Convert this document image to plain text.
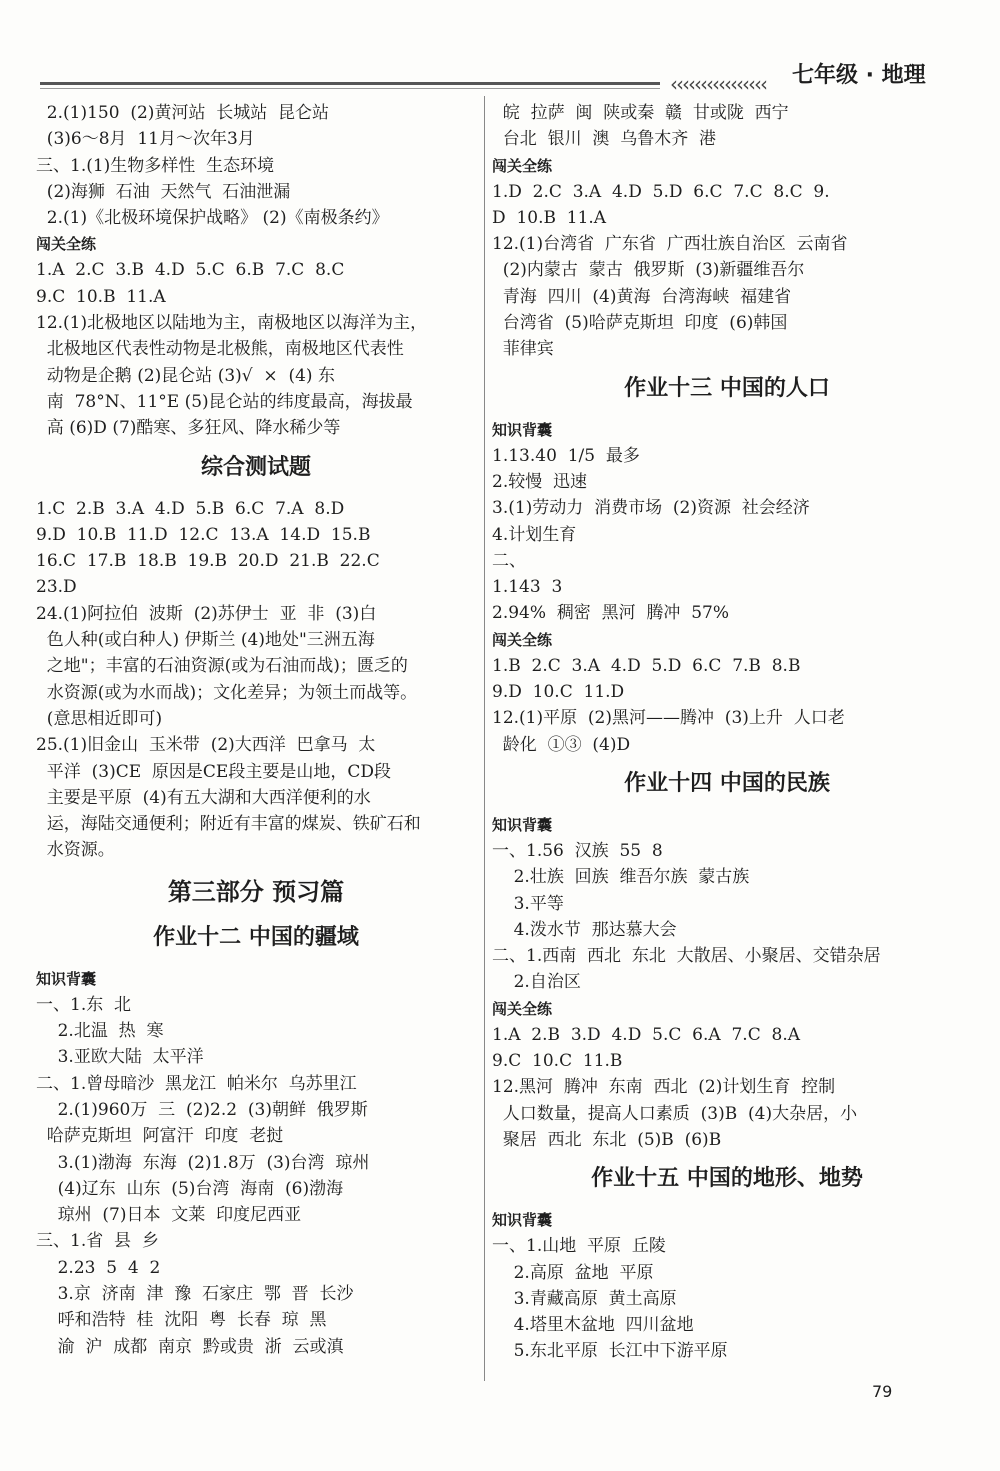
‹‹‹‹‹‹‹‹‹‹‹‹‹‹‹‹ 七年级 · 地理
2.(1)150  (2)黄河站  长城站  昆仑站
(3)6～8月  11月～次年3月
三、1.(1)生物多样性  生态环境
(2)海狮  石油  天然气  石油泄漏
2.(1)《北极环境保护战略》 (2)《南极条约》
闯关全练
1.A  2.C  3.B  4.D  5.C  6.B  7.C  8.C
9.C  10.B  11.A
12.(1)北极地区以陆地为主，南极地区以海洋为主，
北极地区代表性动物是北极熊，南极地区代表性
动物是企鹅 (2)昆仑站 (3)√  ×  (4) 东
南  78°N、11°E (5)昆仑站的纬度最高，海拔最
高 (6)D (7)酷寒、多狂风、降水稀少等
综合测试题
1.C  2.B  3.A  4.D  5.B  6.C  7.A  8.D
9.D  10.B  11.D  12.C  13.A  14.D  15.B
16.C  17.B  18.B  19.B  20.D  21.B  22.C
23.D
24.(1)阿拉伯  波斯  (2)苏伊士  亚  非  (3)白
色人种(或白种人) 伊斯兰 (4)地处"三洲五海
之地"；丰富的石油资源(或为石油而战)；匮乏的
水资源(或为水而战)；文化差异；为领土而战等。
(意思相近即可)
25.(1)旧金山  玉米带  (2)大西洋  巴拿马  太
平洋  (3)CE  原因是CE段主要是山地，CD段
主要是平原  (4)有五大湖和大西洋便利的水
运，海陆交通便利；附近有丰富的煤炭、铁矿石和
水资源。
第三部分 预习篇
作业十二 中国的疆域
知识背囊
一、1.东  北
2.北温  热  寒
3.亚欧大陆  太平洋
二、1.曾母暗沙  黑龙江  帕米尔  乌苏里江
2.(1)960万  三  (2)2.2  (3)朝鲜  俄罗斯
哈萨克斯坦  阿富汗  印度  老挝
3.(1)渤海  东海  (2)1.8万  (3)台湾  琼州
(4)辽东  山东  (5)台湾  海南  (6)渤海
琼州  (7)日本  文莱  印度尼西亚
三、1.省  县  乡
2.23  5  4  2
3.京  济南  津  豫  石家庄  鄂  晋  长沙
呼和浩特  桂  沈阳  粤  长春  琼  黑
渝  沪  成都  南京  黔或贵  浙  云或滇
皖  拉萨  闽  陕或秦  赣  甘或陇  西宁
台北  银川  澳  乌鲁木齐  港
闯关全练
1.D  2.C  3.A  4.D  5.D  6.C  7.C  8.C  9.
D  10.B  11.A
12.(1)台湾省  广东省  广西壮族自治区  云南省
(2)内蒙古  蒙古  俄罗斯  (3)新疆维吾尔
青海  四川  (4)黄海  台湾海峡  福建省
台湾省  (5)哈萨克斯坦  印度  (6)韩国
菲律宾
作业十三 中国的人口
知识背囊
1.13.40  1/5  最多
2.较慢  迅速
3.(1)劳动力  消费市场  (2)资源  社会经济
4.计划生育
二、
1.143  3
2.94%  稠密  黑河  腾冲  57%
闯关全练
1.B  2.C  3.A  4.D  5.D  6.C  7.B  8.B
9.D  10.C  11.D
12.(1)平原  (2)黑河——腾冲  (3)上升  人口老
龄化  ①③  (4)D
作业十四 中国的民族
知识背囊
一、1.56  汉族  55  8
2.壮族  回族  维吾尔族  蒙古族
3.平等
4.泼水节  那达慕大会
二、1.西南  西北  东北  大散居、小聚居、交错杂居
2.自治区
闯关全练
1.A  2.B  3.D  4.D  5.C  6.A  7.C  8.A
9.C  10.C  11.B
12.黑河  腾冲  东南  西北  (2)计划生育  控制
人口数量，提高人口素质  (3)B  (4)大杂居，小
聚居  西北  东北  (5)B  (6)B
作业十五 中国的地形、地势
知识背囊
一、1.山地  平原  丘陵
2.高原  盆地  平原
3.青藏高原  黄土高原
4.塔里木盆地  四川盆地
5.东北平原  长江中下游平原
79
